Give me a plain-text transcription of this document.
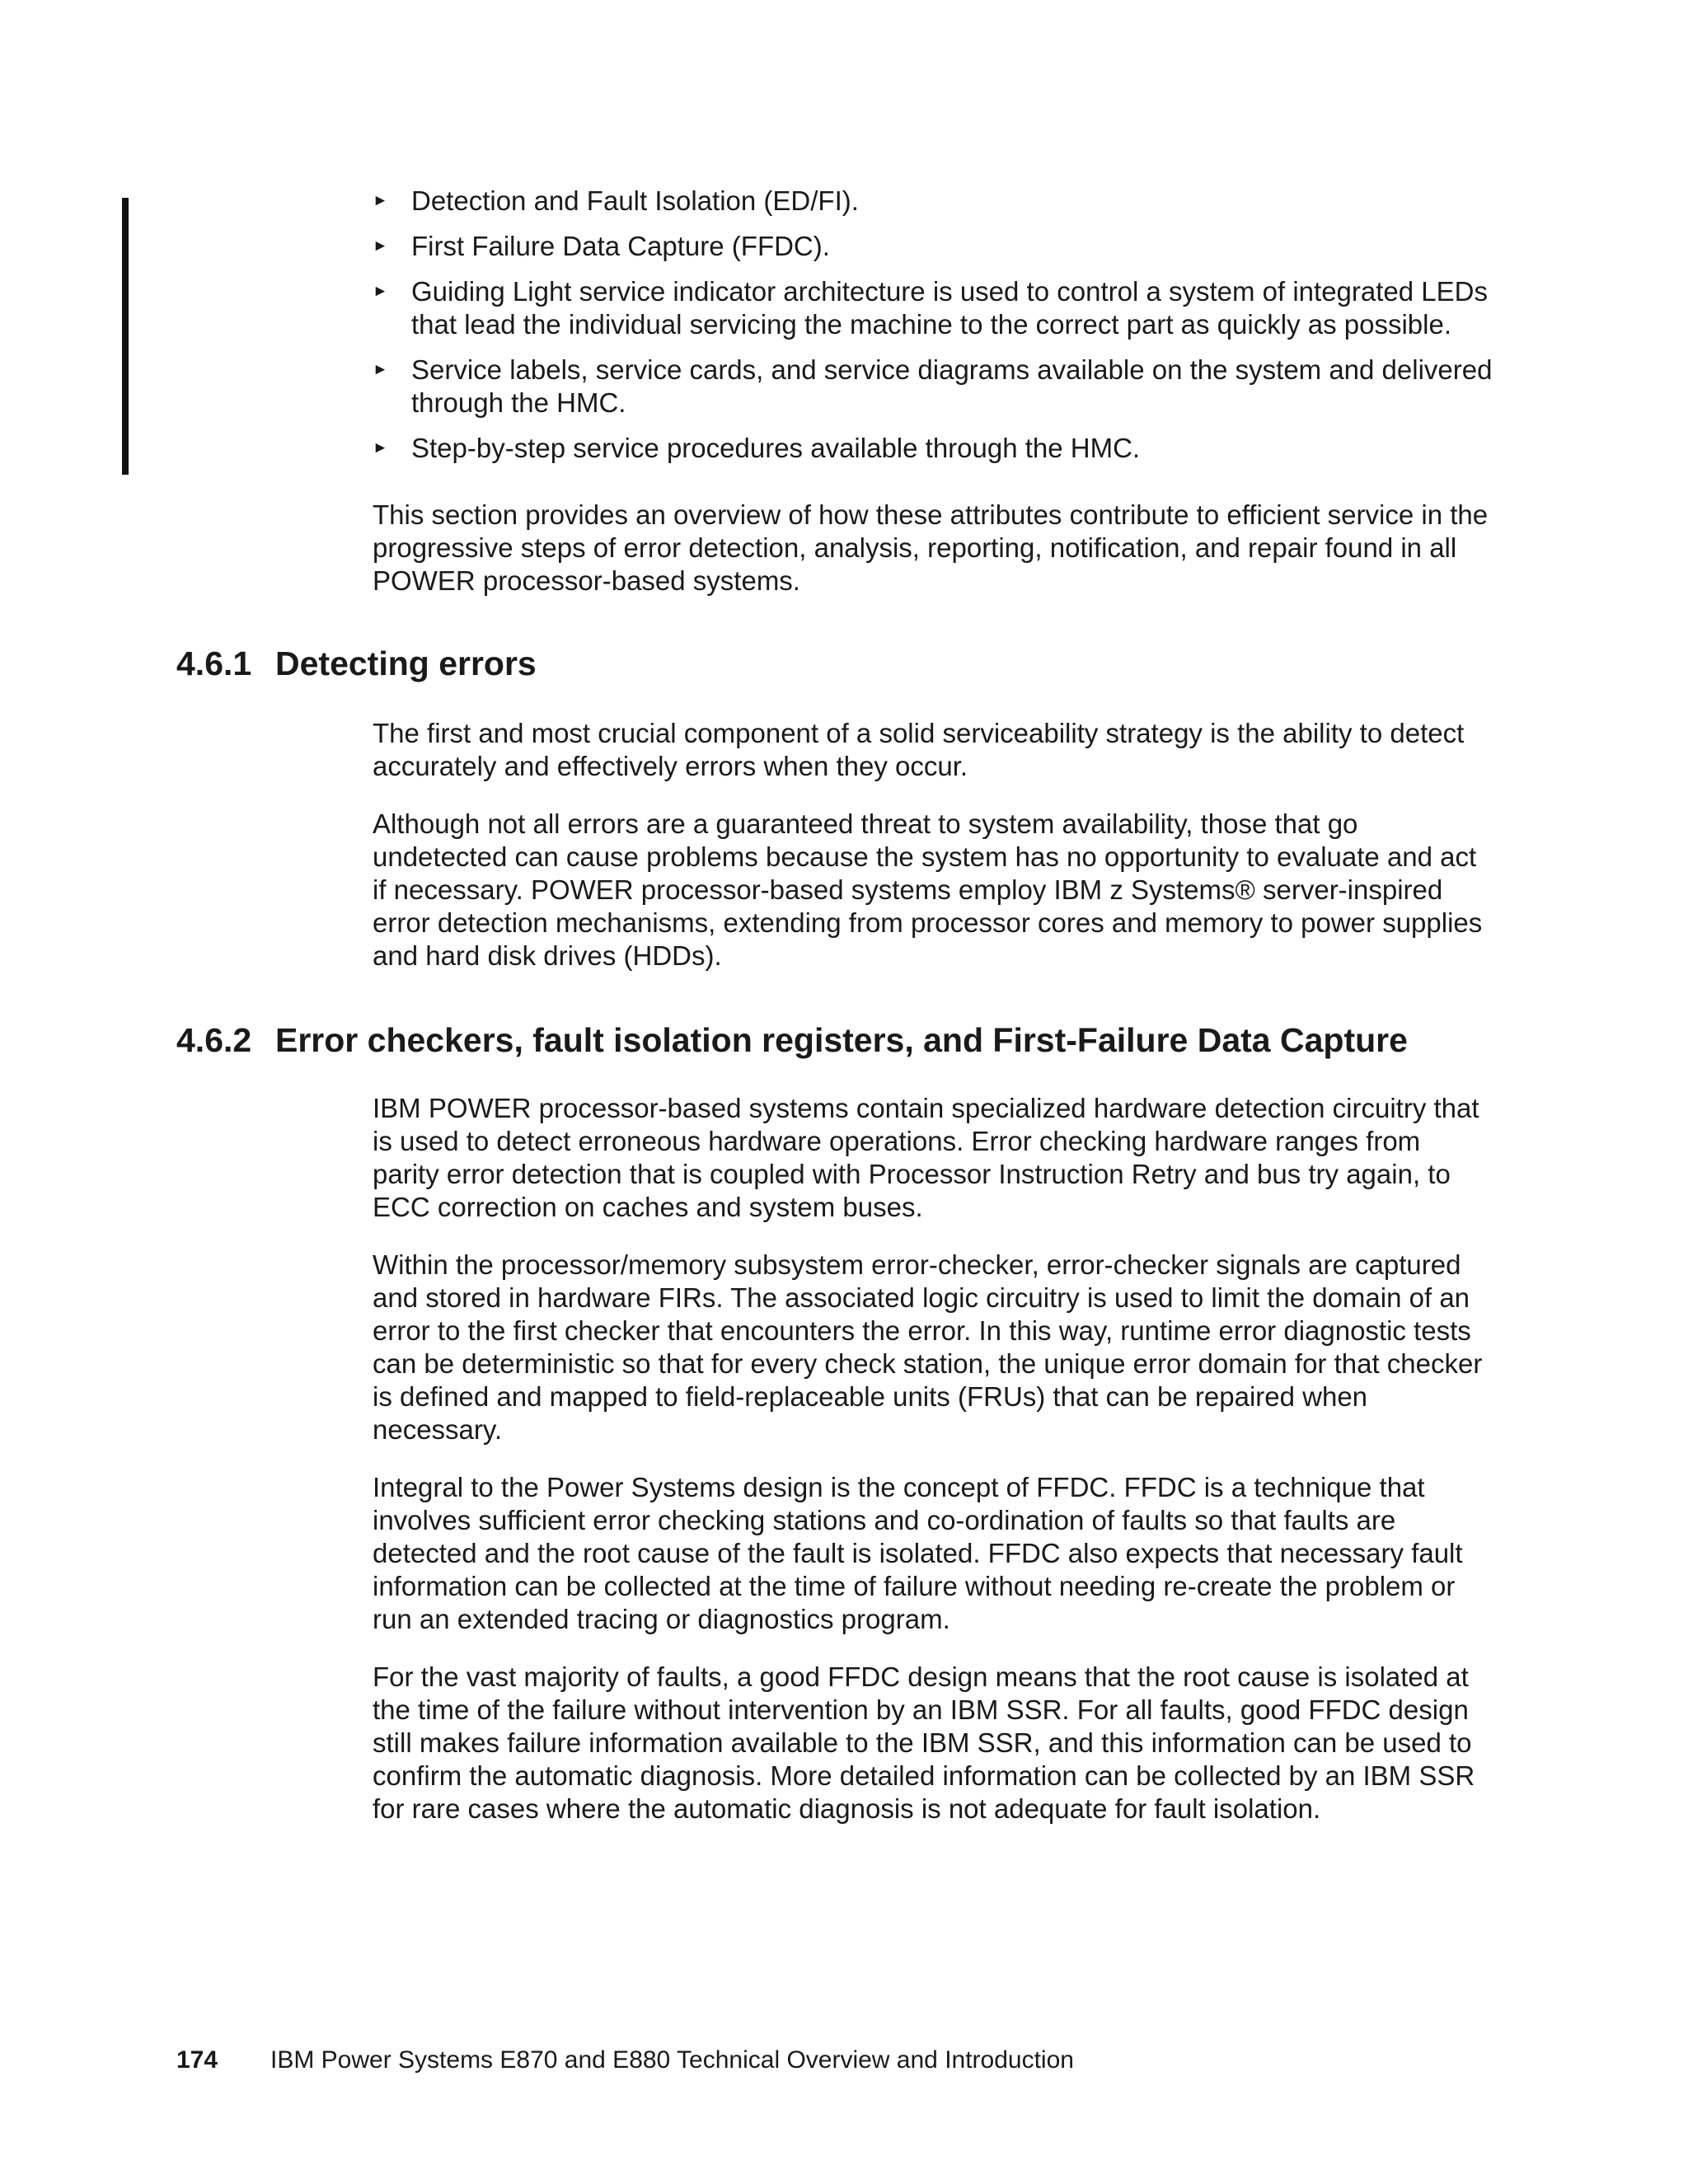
► Detection and Fault Isolation (ED/FI).
► First Failure Data Capture (FFDC).
► Guiding Light service indicator architecture is used to control a system of integrated LEDs that lead the individual servicing the machine to the correct part as quickly as possible.
► Service labels, service cards, and service diagrams available on the system and delivered through the HMC.
► Step-by-step service procedures available through the HMC.

This section provides an overview of how these attributes contribute to efficient service in the progressive steps of error detection, analysis, reporting, notification, and repair found in all POWER processor-based systems.

4.6.1 Detecting errors

The first and most crucial component of a solid serviceability strategy is the ability to detect accurately and effectively errors when they occur.

Although not all errors are a guaranteed threat to system availability, those that go undetected can cause problems because the system has no opportunity to evaluate and act if necessary. POWER processor-based systems employ IBM z Systems® server-inspired error detection mechanisms, extending from processor cores and memory to power supplies and hard disk drives (HDDs).

4.6.2 Error checkers, fault isolation registers, and First-Failure Data Capture

IBM POWER processor-based systems contain specialized hardware detection circuitry that is used to detect erroneous hardware operations. Error checking hardware ranges from parity error detection that is coupled with Processor Instruction Retry and bus try again, to ECC correction on caches and system buses.

Within the processor/memory subsystem error-checker, error-checker signals are captured and stored in hardware FIRs. The associated logic circuitry is used to limit the domain of an error to the first checker that encounters the error. In this way, runtime error diagnostic tests can be deterministic so that for every check station, the unique error domain for that checker is defined and mapped to field-replaceable units (FRUs) that can be repaired when necessary.

Integral to the Power Systems design is the concept of FFDC. FFDC is a technique that involves sufficient error checking stations and co-ordination of faults so that faults are detected and the root cause of the fault is isolated. FFDC also expects that necessary fault information can be collected at the time of failure without needing re-create the problem or run an extended tracing or diagnostics program.

For the vast majority of faults, a good FFDC design means that the root cause is isolated at the time of the failure without intervention by an IBM SSR. For all faults, good FFDC design still makes failure information available to the IBM SSR, and this information can be used to confirm the automatic diagnosis. More detailed information can be collected by an IBM SSR for rare cases where the automatic diagnosis is not adequate for fault isolation.

174 IBM Power Systems E870 and E880 Technical Overview and Introduction
